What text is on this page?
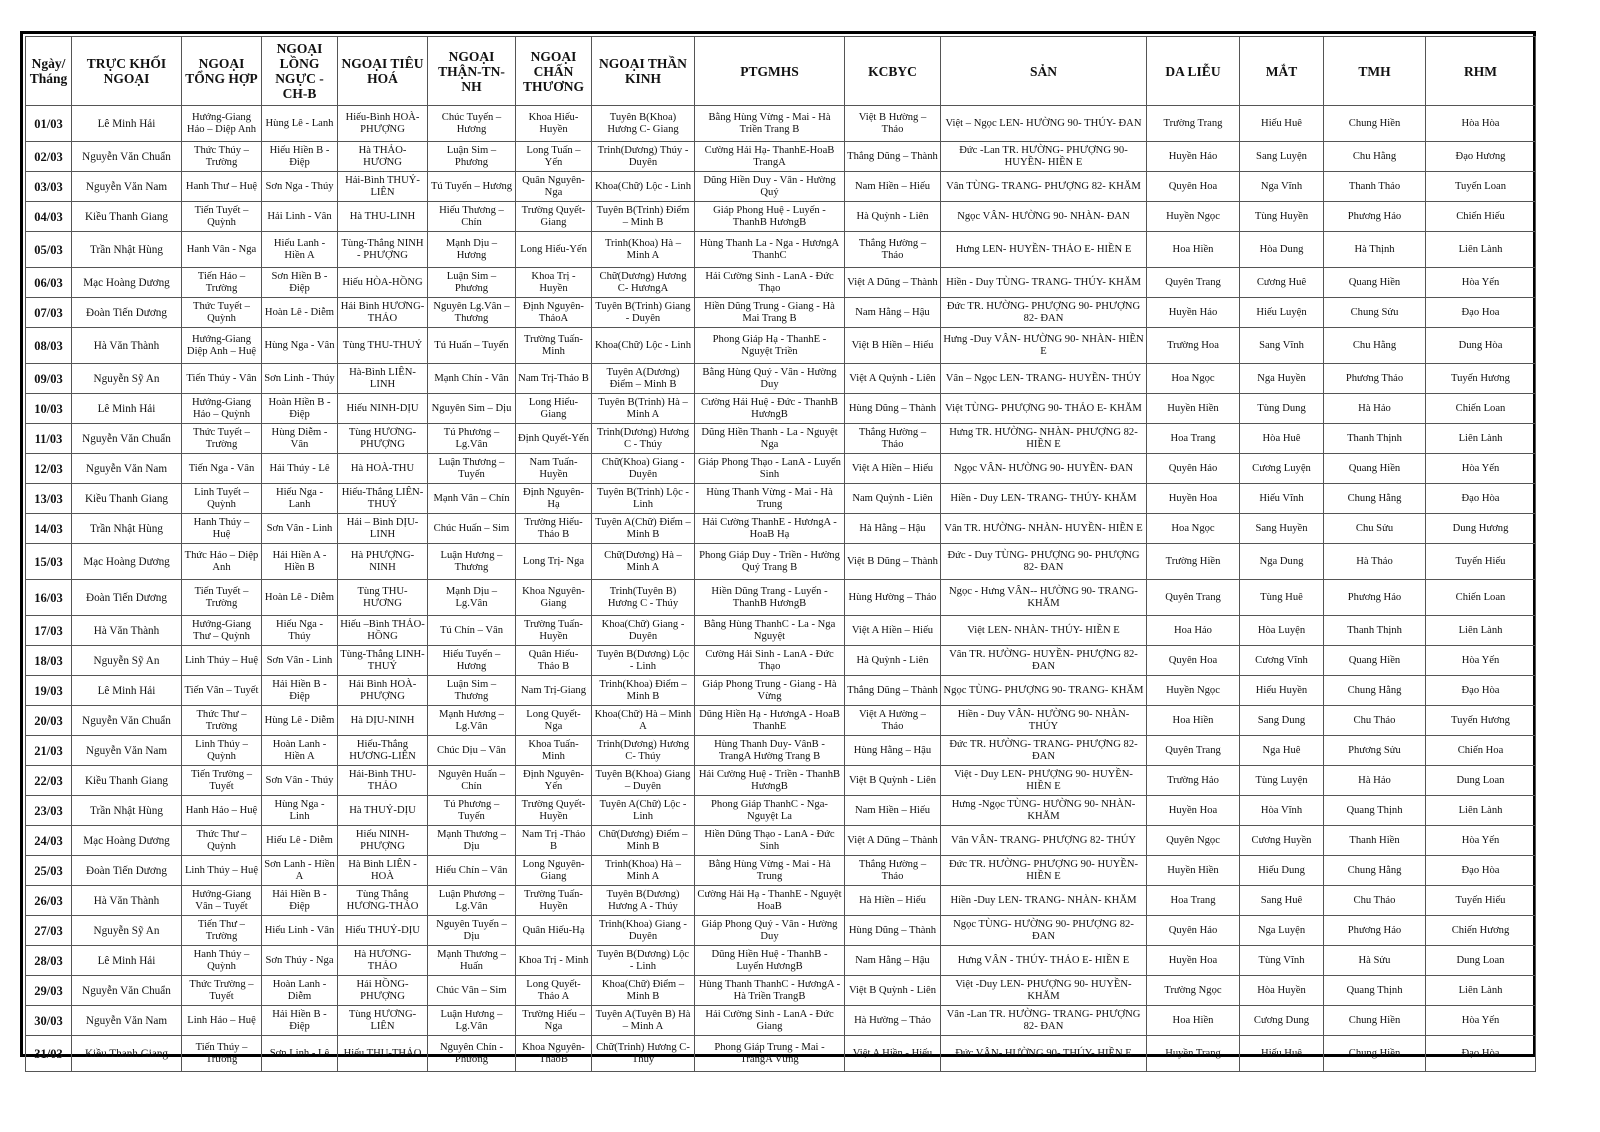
Ngày/ Tháng	TRỰC KHỐI NGOẠI	NGOẠI TỔNG HỢP	NGOẠI LỒNG NGỰC -CH-B	NGOẠI TIÊU HOÁ	NGOẠI THẬN-TN-NH	NGOẠI CHẤN THƯƠNG	NGOẠI THẦN KINH	PTGMHS	KCBYC	SẢN	DA LIỄU	MẮT	TMH	RHM
01/03	Lê Minh Hải	Hướng-Giang Hảo – Diệp Anh	Hùng Lê - Lanh	Hiếu-Bình HOÀ-PHƯỢNG	Chúc Tuyến – Hương	Khoa Hiếu-Huyền	Tuyên B(Khoa) Hương C- Giang	Bằng Hùng Vừng - Mai - Hà Triền Trang B	Việt B Hường – Thảo	Việt – Ngọc LEN- HƯỜNG 90- THÚY- ĐAN	Trường Trang	Hiếu Huê	Chung Hiền	Hòa Hòa
02/03	Nguyễn Văn Chuẩn	Thức Thúy – Trường	Hiếu Hiền B - Điệp	Hà THẢO-HƯƠNG	Luận Sim – Phương	Long Tuấn – Yến	Trinh(Dương) Thúy - Duyên	Cường Hải Hạ- ThanhE-HoaB TrangA	Thắng Dũng – Thành	Đức -Lan TR. HƯỜNG- PHƯỢNG 90- HUYỀN- HIỀN E	Huyền Hảo	Sang Luyện	Chu Hằng	Đạo Hương
03/03	Nguyễn Văn Nam	Hanh Thư – Huệ	Sơn Nga - Thúy	Hải-Bình THUỶ-LIÊN	Tú Tuyến – Hương	Quân Nguyên- Nga	Khoa(Chữ) Lộc - Linh	Dũng Hiền Duy - Vân - Hường Quý	Nam Hiền – Hiếu	Vân TÙNG- TRANG- PHƯỢNG 82- KHĂM	Quyên Hoa	Nga Vĩnh	Thanh Thảo	Tuyến Loan
04/03	Kiều Thanh Giang	Tiến Tuyết – Quỳnh	Hải Linh - Vân	Hà THU-LINH	Hiếu Thương – Chín	Trường Quyết- Giang	Tuyên B(Trinh) Điểm – Minh B	Giáp Phong Huệ - Luyến - ThanhB HươngB	Hà Quỳnh - Liên	Ngọc VÂN- HƯỜNG 90- NHÀN- ĐAN	Huyền Ngọc	Tùng Huyền	Phương Hảo	Chiến Hiếu
05/03	Trần Nhật Hùng	Hanh Vân - Nga	Hiếu Lanh - Hiền A	Tùng-Thắng NINH - PHƯỢNG	Mạnh Dịu – Hương	Long Hiếu-Yến	Trinh(Khoa) Hà – Minh A	Hùng Thanh La - Nga - HươngA ThanhC	Thắng Hường – Thảo	Hưng LEN- HUYỀN- THẢO E- HIỀN E	Hoa Hiền	Hòa Dung	Hà Thịnh	Liên Lành
06/03	Mạc Hoàng Dương	Tiến Hảo – Trường	Sơn Hiền B - Điệp	Hiếu HÒA-HỒNG	Luận Sim – Phương	Khoa Trị - Huyền	Chữ(Dương) Hương C- HươngA	Hải Cường Sinh - LanA - Đức Thạo	Việt A Dũng – Thành	Hiền - Duy TÙNG- TRANG- THÚY- KHĂM	Quyên Trang	Cương Huê	Quang Hiền	Hòa Yến
07/03	Đoàn Tiến Dương	Thức Tuyết – Quỳnh	Hoàn Lê - Diễm	Hải Bình HƯƠNG-THẢO	Nguyên Lg.Vân – Thương	Định Nguyên-ThảoA	Tuyên B(Trinh) Giang - Duyên	Hiền Dũng Trung - Giang - Hà Mai Trang B	Nam Hằng – Hậu	Đức TR. HƯỜNG- PHƯỢNG 90- PHƯỢNG 82- ĐAN	Huyền Hảo	Hiếu Luyện	Chung Sửu	Đạo Hoa
08/03	Hà Văn Thành	Hướng-Giang Diệp Anh – Huệ	Hùng Nga - Vân	Tùng THU-THUỶ	Tú Huấn – Tuyến	Trường Tuấn-Minh	Khoa(Chữ) Lộc - Linh	Phong Giáp Hạ - ThanhE - Nguyệt Triền	Việt B Hiền – Hiếu	Hưng -Duy VÂN- HƯỜNG 90- NHÀN- HIỀN E	Trường Hoa	Sang Vĩnh	Chu Hằng	Dung Hòa
09/03	Nguyễn Sỹ An	Tiến Thúy - Vân	Sơn Linh - Thúy	Hà-Bình LIÊN-LINH	Mạnh Chín - Vân	Nam Trị-Thảo B	Tuyên A(Dương) Điểm – Minh B	Bằng Hùng Quý - Vân - Hường Duy	Việt A Quỳnh - Liên	Vân – Ngọc LEN- TRANG- HUYỀN- THÚY	Hoa Ngọc	Nga Huyền	Phương Thảo	Tuyến Hương
10/03	Lê Minh Hải	Hướng-Giang Hảo – Quỳnh	Hoàn Hiền B - Điệp	Hiếu NINH-DỊU	Nguyên Sim – Dịu	Long Hiếu-Giang	Tuyên B(Trinh) Hà – Minh A	Cường Hải Huệ - Đức - ThanhB HươngB	Hùng Dũng – Thành	Việt TÙNG- PHƯỢNG 90- THẢO E- KHĂM	Huyền Hiền	Tùng Dung	Hà Hảo	Chiến Loan
11/03	Nguyễn Văn Chuẩn	Thức Tuyết – Trường	Hùng Diễm - Vân	Tùng HƯƠNG-PHƯỢNG	Tú Phương – Lg.Vân	Định Quyết-Yến	Trinh(Dương) Hương C - Thúy	Dũng Hiền Thanh - La - Nguyệt Nga	Thắng Hường – Thảo	Hưng TR. HƯỜNG- NHÀN- PHƯỢNG 82- HIỀN E	Hoa Trang	Hòa Huê	Thanh Thịnh	Liên Lành
12/03	Nguyễn Văn Nam	Tiến Nga - Vân	Hải Thúy - Lê	Hà HOÀ-THU	Luận Thương – Tuyến	Nam Tuấn-Huyền	Chữ(Khoa) Giang - Duyên	Giáp Phong Thạo - LanA - Luyến Sinh	Việt A Hiền – Hiếu	Ngọc VÂN- HƯỜNG 90- HUYỀN- ĐAN	Quyên Hảo	Cương Luyện	Quang Hiền	Hòa Yến
13/03	Kiều Thanh Giang	Linh Tuyết – Quỳnh	Hiếu Nga - Lanh	Hiếu-Thắng LIÊN-THUỶ	Mạnh Vân – Chín	Định Nguyên-Hạ	Tuyên B(Trinh) Lộc - Linh	Hùng Thanh Vừng - Mai - Hà Trung	Nam Quỳnh - Liên	Hiền - Duy LEN- TRANG- THÚY- KHĂM	Huyền Hoa	Hiếu Vĩnh	Chung Hằng	Đạo Hòa
14/03	Trần Nhật Hùng	Hanh Thúy – Huệ	Sơn Vân - Linh	Hải – Bình DỊU-LINH	Chúc Huấn – Sim	Trường Hiếu-Thảo B	Tuyên A(Chữ) Điểm – Minh B	Hải Cường ThanhE - HươngA - HoaB Hạ	Hà Hằng – Hậu	Vân TR. HƯỜNG- NHÀN- HUYỀN- HIỀN E	Hoa Ngọc	Sang Huyền	Chu Sửu	Dung Hương
15/03	Mạc Hoàng Dương	Thức Hảo – Diệp Anh	Hải Hiền A - Hiền B	Hà PHƯỢNG-NINH	Luận Hương – Thương	Long Trị- Nga	Chữ(Dương) Hà – Minh A	Phong Giáp Duy - Triền - Hường Quý Trang B	Việt B Dũng – Thành	Đức - Duy TÙNG- PHƯỢNG 90- PHƯỢNG 82- ĐAN	Trường Hiền	Nga Dung	Hà Thảo	Tuyến Hiếu
16/03	Đoàn Tiến Dương	Tiến Tuyết – Trường	Hoàn Lê - Diễm	Tùng THU-HƯƠNG	Mạnh Dịu – Lg.Vân	Khoa Nguyên-Giang	Trinh(Tuyên B) Hương C - Thúy	Hiền Dũng Trang - Luyến - ThanhB HươngB	Hùng Hường – Thảo	Ngọc - Hưng VÂN-- HƯỜNG 90- TRANG- KHĂM	Quyên Trang	Tùng Huê	Phương Hảo	Chiến Loan
17/03	Hà Văn Thành	Hướng-Giang Thư – Quỳnh	Hiếu Nga - Thúy	Hiếu –Bình THẢO-HỒNG	Tú Chín – Vân	Trường Tuấn-Huyền	Khoa(Chữ) Giang - Duyên	Bằng Hùng ThanhC - La - Nga Nguyệt	Việt A Hiền – Hiếu	Việt LEN- NHÀN- THÚY- HIỀN E	Hoa Hảo	Hòa Luyện	Thanh Thịnh	Liên Lành
18/03	Nguyễn Sỹ An	Linh Thúy – Huệ	Sơn Vân - Linh	Tùng-Thắng LINH-THUỶ	Hiếu Tuyến – Hương	Quân Hiếu-Thảo B	Tuyên B(Dương) Lộc - Linh	Cường Hải Sinh - LanA - Đức Thạo	Hà Quỳnh - Liên	Vân TR. HƯỜNG- HUYỀN- PHƯỢNG 82- ĐAN	Quyên Hoa	Cương Vĩnh	Quang Hiền	Hòa Yến
19/03	Lê Minh Hải	Tiến Vân – Tuyết	Hải Hiền B - Điệp	Hải Bình HOÀ-PHƯỢNG	Luận Sim – Thương	Nam Trị-Giang	Trinh(Khoa) Điểm – Minh B	Giáp Phong Trung - Giang - Hà Vừng	Thắng Dũng – Thành	Ngọc TÙNG- PHƯỢNG 90- TRANG- KHĂM	Huyền Ngọc	Hiếu Huyền	Chung Hằng	Đạo Hòa
20/03	Nguyễn Văn Chuẩn	Thức Thư – Trường	Hùng Lê - Diễm	Hà DỊU-NINH	Mạnh Hương – Lg.Vân	Long Quyết-Nga	Khoa(Chữ) Hà – Minh A	Dũng Hiền Hạ - HươngA - HoaB ThanhE	Việt A Hường – Thảo	Hiền - Duy VÂN- HƯỜNG 90- NHÀN- THÚY	Hoa Hiền	Sang Dung	Chu Thảo	Tuyến Hương
21/03	Nguyễn Văn Nam	Linh Thúy – Quỳnh	Hoàn Lanh - Hiền A	Hiếu-Thắng HƯƠNG-LIÊN	Chúc Dịu – Vân	Khoa Tuấn-Minh	Trinh(Dương) Hương C- Thúy	Hùng Thanh Duy- VânB - TrangA Hường Trang B	Hùng Hằng – Hậu	Đức TR. HƯỜNG- TRANG- PHƯỢNG 82- ĐAN	Quyên Trang	Nga Huê	Phương Sửu	Chiến Hoa
22/03	Kiều Thanh Giang	Tiến Trường – Tuyết	Sơn Vân - Thúy	Hải-Bình THU-THẢO	Nguyên Huấn – Chín	Định Nguyên-Yến	Tuyên B(Khoa) Giang – Duyên	Hải Cường Huệ - Triền - ThanhB HươngB	Việt B Quỳnh - Liên	Việt - Duy LEN- PHƯỢNG 90- HUYỀN- HIỀN E	Trường Hảo	Tùng Luyện	Hà Hảo	Dung Loan
23/03	Trần Nhật Hùng	Hanh Hảo – Huệ	Hùng Nga - Linh	Hà THUỶ-DỊU	Tú Phương – Tuyến	Trường Quyết- Huyền	Tuyên A(Chữ) Lộc - Linh	Phong Giáp ThanhC - Nga- Nguyệt La	Nam Hiền – Hiếu	Hưng -Ngọc TÙNG- HƯỜNG 90- NHÀN- KHĂM	Huyền Hoa	Hòa Vĩnh	Quang Thịnh	Liên Lành
24/03	Mạc Hoàng Dương	Thức Thư – Quỳnh	Hiếu Lê - Diễm	Hiếu NINH-PHƯỢNG	Mạnh Thương – Dịu	Nam Trị -Thảo B	Chữ(Dương) Điểm – Minh B	Hiền Dũng Thạo - LanA - Đức Sinh	Việt A Dũng – Thành	Vân VÂN- TRANG- PHƯỢNG 82- THÚY	Quyên Ngọc	Cương Huyền	Thanh Hiền	Hòa Yến
25/03	Đoàn Tiến Dương	Linh Thúy – Huệ	Sơn Lanh - Hiền A	Hà Bình LIÊN - HOÀ	Hiếu Chín – Vân	Long Nguyên-Giang	Trinh(Khoa) Hà – Minh A	Bằng Hùng Vừng - Mai - Hà Trung	Thắng Hường – Thảo	Đức TR. HƯỜNG- PHƯỢNG 90- HUYỀN- HIỀN E	Huyền Hiền	Hiếu Dung	Chung Hằng	Đạo Hòa
26/03	Hà Văn Thành	Hướng-Giang Vân – Tuyết	Hải Hiền B - Điệp	Tùng Thắng HƯƠNG-THẢO	Luận Phương – Lg.Vân	Trường Tuấn-Huyền	Tuyên B(Dương) Hương A - Thúy	Cường Hải Hạ - ThanhE - Nguyệt HoaB	Hà Hiền – Hiếu	Hiền -Duy LEN- TRANG- NHÀN- KHĂM	Hoa Trang	Sang Huê	Chu Thảo	Tuyến Hiếu
27/03	Nguyễn Sỹ An	Tiến Thư – Trường	Hiếu Linh - Vân	Hiếu THUỶ-DỊU	Nguyên Tuyến – Dịu	Quân Hiếu-Hạ	Trinh(Khoa) Giang - Duyên	Giáp Phong Quý - Vân - Hường Duy	Hùng Dũng – Thành	Ngọc TÙNG- HƯỜNG 90- PHƯỢNG 82- ĐAN	Quyên Hảo	Nga Luyện	Phương Hảo	Chiến Hương
28/03	Lê Minh Hải	Hanh Thúy – Quỳnh	Sơn Thúy - Nga	Hà HƯƠNG-THẢO	Mạnh Thương – Huấn	Khoa Trị - Minh	Tuyên B(Dương) Lộc - Linh	Dũng Hiền Huệ - ThanhB - Luyến HươngB	Nam Hằng – Hậu	Hưng VÂN - THÚY- THẢO E- HIỀN E	Huyền Hoa	Tùng Vĩnh	Hà Sửu	Dung Loan
29/03	Nguyễn Văn Chuẩn	Thức Trường – Tuyết	Hoàn Lanh - Diễm	Hải HỒNG-PHƯỢNG	Chúc Vân – Sim	Long Quyết-Thảo A	Khoa(Chữ) Điểm – Minh B	Hùng Thanh ThanhC - HươngA - Hà Triền TrangB	Việt B Quỳnh - Liên	Việt -Duy LEN- PHƯỢNG 90- HUYỀN- KHĂM	Trường Ngọc	Hòa Huyền	Quang Thịnh	Liên Lành
30/03	Nguyễn Văn Nam	Linh Hảo – Huệ	Hải Hiền B - Điệp	Tùng HƯƠNG-LIÊN	Luận Hương – Lg.Vân	Trường Hiếu – Nga	Tuyên A(Tuyên B) Hà – Minh A	Hải Cường Sinh - LanA - Đức Giang	Hà Hường – Thảo	Vân -Lan TR. HƯỜNG- TRANG- PHƯỢNG 82- ĐAN	Hoa Hiền	Cương Dung	Chung Hiền	Hòa Yến
31/03	Kiều Thanh Giang	Tiến Thúy – Trường	Sơn Linh - Lê	Hiếu THU-THẢO	Nguyên Chín - Phương	Khoa Nguyên-ThảoB	Chữ(Trinh) Hương C- Thúy	Phong Giáp Trung - Mai - TrangA Vừng	Việt A Hiền - Hiếu	Đức VÂN- HƯỜNG 90- THÚY- HIỀN E	Huyền Trang	Hiếu Huê	Chung Hiền	Đạo Hòa
